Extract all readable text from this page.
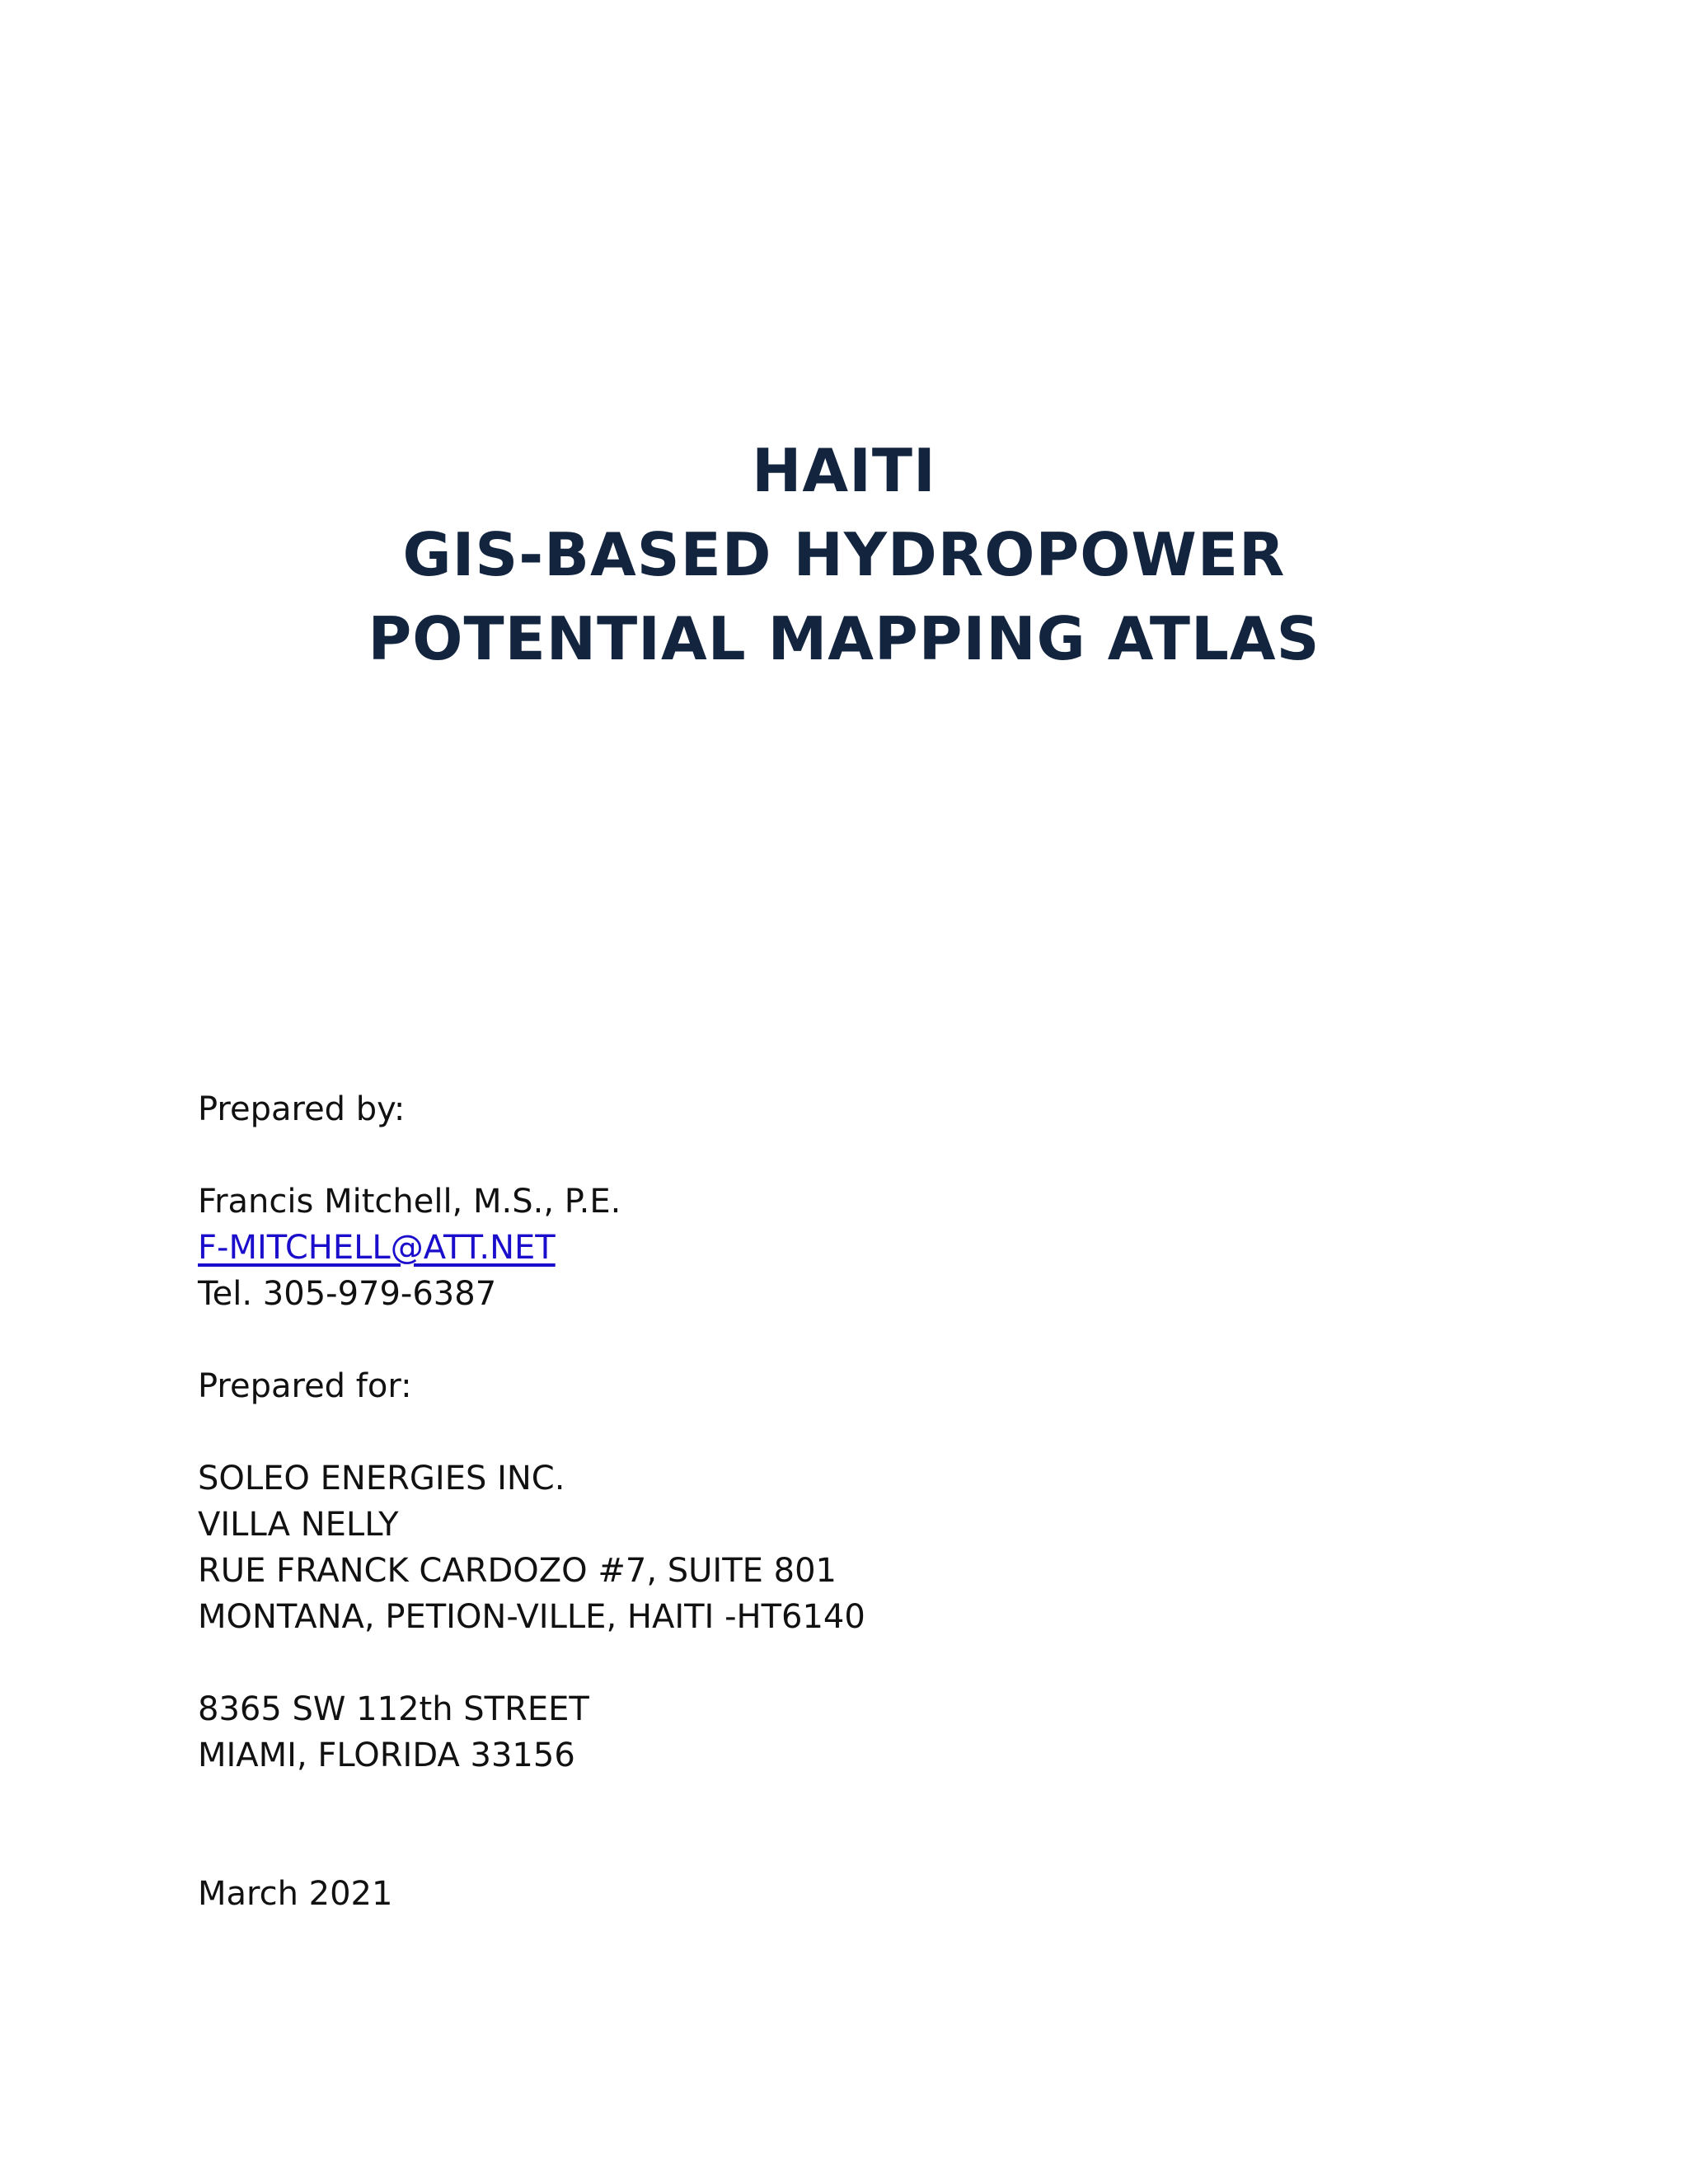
HAITI
GIS-BASED HYDROPOWER
POTENTIAL MAPPING ATLAS
Prepared by:
Francis Mitchell, M.S., P.E.
F-MITCHELL@ATT.NET
Tel. 305-979-6387
Prepared for:
SOLEO ENERGIES INC.
VILLA NELLY
RUE FRANCK CARDOZO #7, SUITE 801
MONTANA, PETION-VILLE, HAITI -HT6140
8365 SW 112th STREET
MIAMI, FLORIDA 33156
March 2021
